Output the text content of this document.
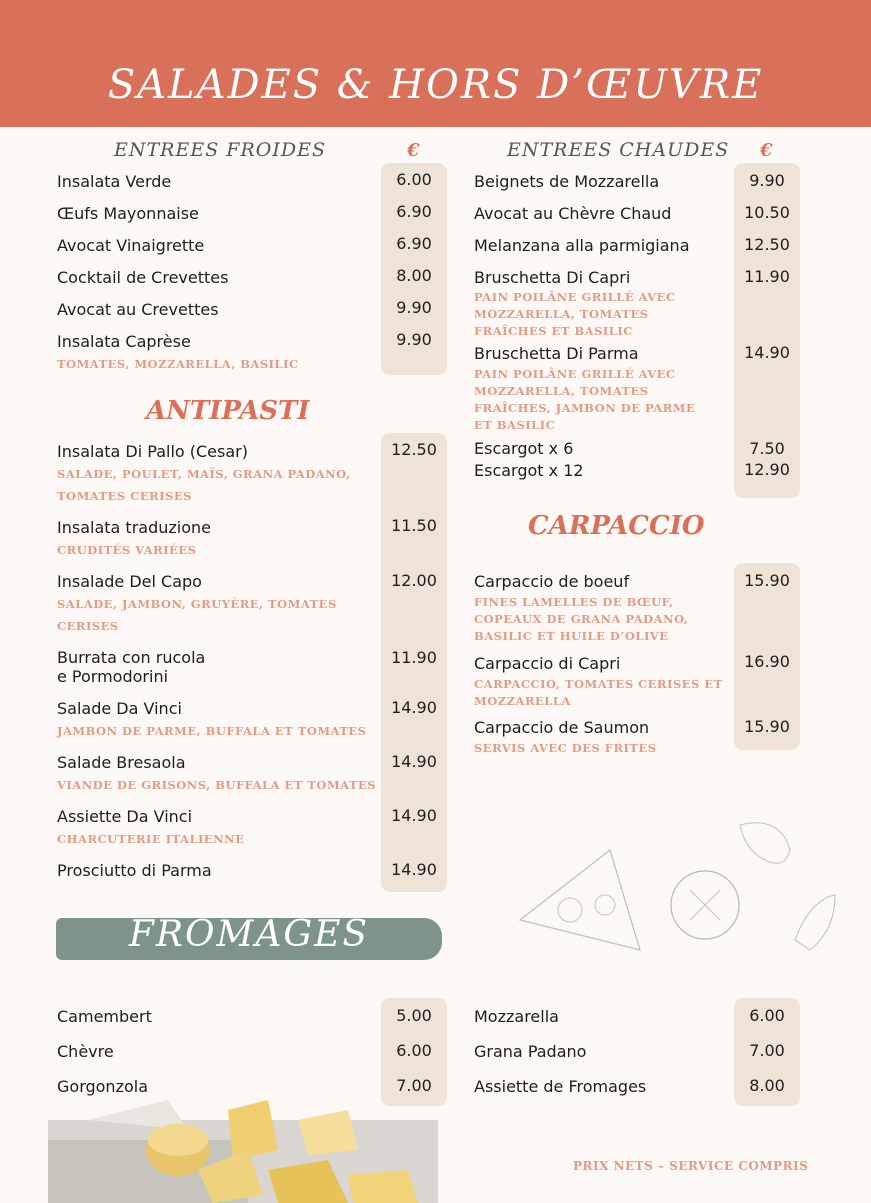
SALADES & HORS D’ŒUVRE
ENTREES FROIDES	€
Insalata Verde	6.00
Œufs Mayonnaise	6.90
Avocat Vinaigrette	6.90
Cocktail de Crevettes	8.00
Avocat au Crevettes	9.90
Insalata Caprèse	9.90
TOMATES, MOZZARELLA, BASILIC
ANTIPASTI
Insalata Di Pallo (Cesar)	12.50
SALADE, POULET, MAÏS, GRANA PADANO,
TOMATES CERISES
Insalata traduzione	11.50
CRUDITÉS VARIÉES
Insalade Del Capo	12.00
SALADE, JAMBON, GRUYÈRE, TOMATES
CERISES
Burrata con rucola
e Pormodorini
11.90
Salade Da Vinci	14.90
JAMBON DE PARME, BUFFALA ET TOMATES
Salade Bresaola	14.90
VIANDE DE GRISONS, BUFFALA ET TOMATES
Assiette Da Vinci	14.90
CHARCUTERIE ITALIENNE
Prosciutto di Parma	14.90
ENTREES CHAUDES €
Beignets de Mozzarella	9.90
Avocat au Chèvre Chaud	10.50
Melanzana alla parmigiana	12.50
Bruschetta Di Capri	11.90
PAIN POILÂNE GRILLÉ AVEC
MOZZARELLA, TOMATES
FRAÎCHES ET BASILIC
Bruschetta Di Parma	14.90
PAIN POILÂNE GRILLÉ AVEC
MOZZARELLA, TOMATES
FRAÎCHES, JAMBON DE PARME
ET BASILIC
Escargot x 6	7.50
Escargot x 12	12.90
CARPACCIO
Carpaccio de boeuf	15.90
FINES LAMELLES DE BŒUF,
COPEAUX DE GRANA PADANO,
BASILIC ET HUILE D’OLIVE
Carpaccio di Capri	16.90
CARPACCIO, TOMATES CERISES ET
MOZZARELLA
Carpaccio de Saumon	15.90
SERVIS AVEC DES FRITES
FROMAGES
Camembert	5.00
Chèvre	6.00
Gorgonzola	7.00
Mozzarella	6.00
Grana Padano	7.00
Assiette de Fromages	8.00
PRIX NETS – SERVICE COMPRIS
